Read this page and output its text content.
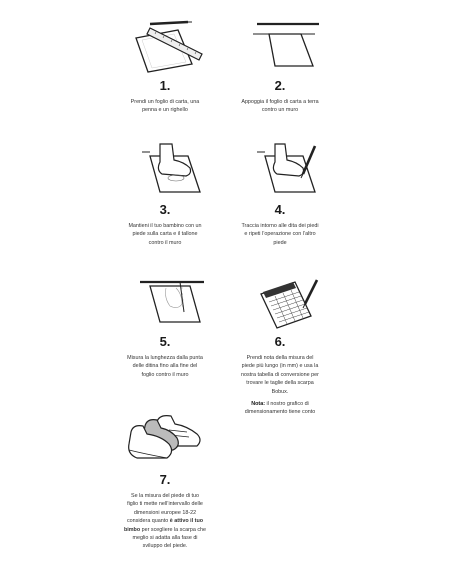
1.
Prendi un foglio di carta, una
penna e un righello
2.
Appoggia il foglio di carta a terra
contro un muro
3.
Mantieni il tuo bambino con un
piede sulla carta e il tallone
contro il muro
4.
Traccia intorno alle dita dei piedi
e ripeti l’operazione con l’altro
piede
5.
Misura la lunghezza dalla punta
delle ditina fino alla fine del
foglio contro il muro
6.
Prendi nota della misura del
piede più lungo (in mm) e usa la
nostra tabella di conversione per
trovare le taglie della scarpa
Bobux.
Nota: il nostro grafico di
dimensionamento tiene conto
7.
Se la misura del piede di tuo
figlio ti mette nell’intervallo delle
dimensioni europee 18-22
considera quanto è attivo il tuo
bimbo per scegliere la scarpa che
meglio si adatta alla fase di
sviluppo del piede.
